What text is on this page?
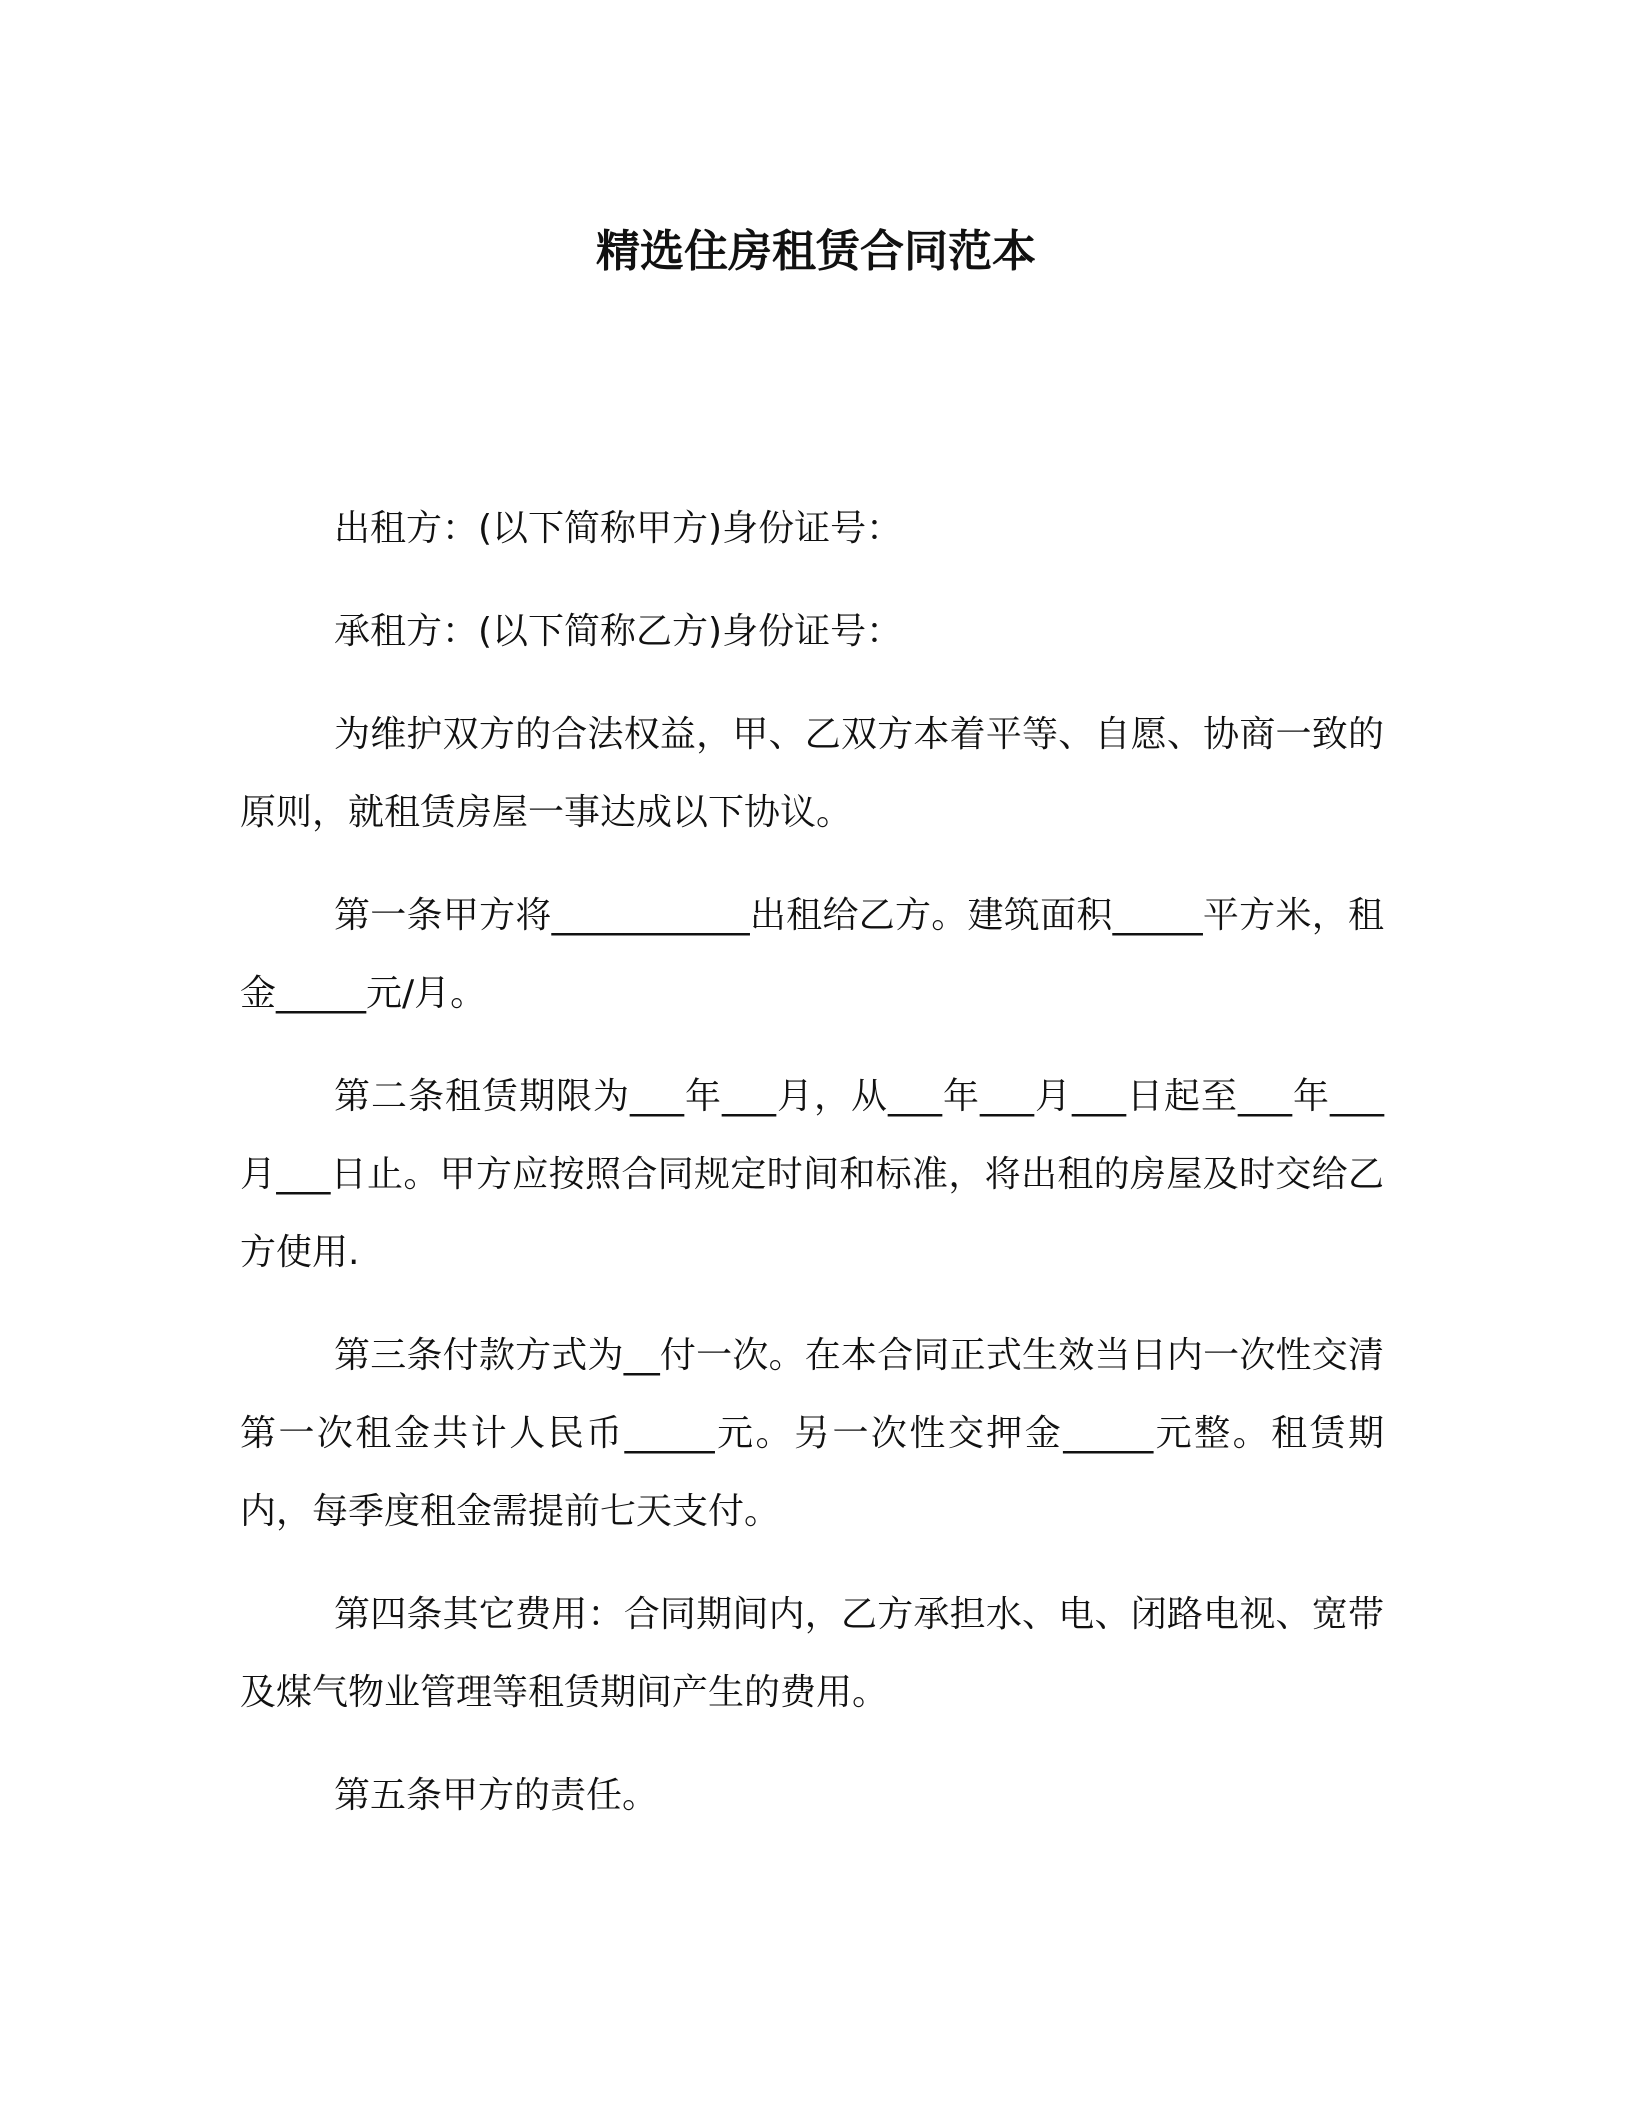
精选住房租赁合同范本

出租方：(以下简称甲方)身份证号：

承租方：(以下简称乙方)身份证号：

为维护双方的合法权益，甲、乙双方本着平等、自愿、协商一致的原则，就租赁房屋一事达成以下协议。

第一条甲方将___________出租给乙方。建筑面积_____平方米，租金_____元/月。

第二条租赁期限为___年___月，从___年___月___日起至___年___月___日止。甲方应按照合同规定时间和标准，将出租的房屋及时交给乙方使用.

第三条付款方式为__付一次。在本合同正式生效当日内一次性交清第一次租金共计人民币_____元。另一次性交押金_____元整。租赁期内，每季度租金需提前七天支付。

第四条其它费用：合同期间内，乙方承担水、电、闭路电视、宽带及煤气物业管理等租赁期间产生的费用。

第五条甲方的责任。
